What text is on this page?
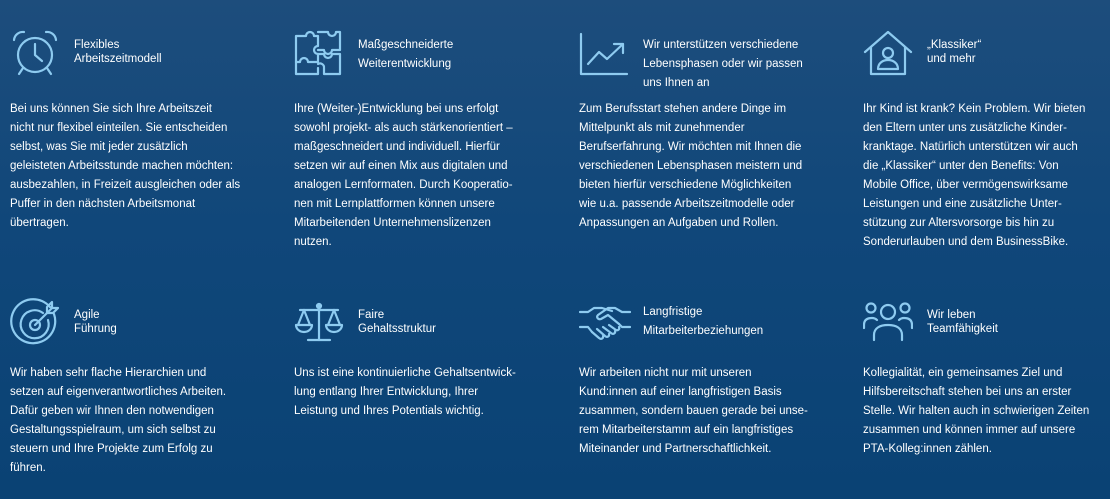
Flexibles
Arbeitszeitmodell
Bei uns können Sie sich Ihre Arbeitszeit
nicht nur flexibel einteilen. Sie entscheiden
selbst, was Sie mit jeder zusätzlich
geleisteten Arbeitsstunde machen möchten:
ausbezahlen, in Freizeit ausgleichen oder als
Puffer in den nächsten Arbeitsmonat
übertragen.
Maßgeschneiderte
Weiterentwicklung
Ihre (Weiter-)Entwicklung bei uns erfolgt
sowohl projekt- als auch stärkenorientiert –
maßgeschneidert und individuell. Hierfür
setzen wir auf einen Mix aus digitalen und
analogen Lernformaten. Durch Kooperatio-
nen mit Lernplattformen können unsere
Mitarbeitenden Unternehmenslizenzen
nutzen.
Wir unterstützen verschiedene
Lebensphasen oder wir passen
uns Ihnen an
Zum Berufsstart stehen andere Dinge im
Mittelpunkt als mit zunehmender
Berufserfahrung. Wir möchten mit Ihnen die
verschiedenen Lebensphasen meistern und
bieten hierfür verschiedene Möglichkeiten
wie u.a. passende Arbeitszeitmodelle oder
Anpassungen an Aufgaben und Rollen.
„Klassiker“
und mehr
Ihr Kind ist krank? Kein Problem. Wir bieten
den Eltern unter uns zusätzliche Kinder-
kranktage. Natürlich unterstützen wir auch
die „Klassiker“ unter den Benefits: Von
Mobile Office, über vermögenswirksame
Leistungen und eine zusätzliche Unter-
stützung zur Altersvorsorge bis hin zu
Sonderurlauben und dem BusinessBike.
Agile
Führung
Wir haben sehr flache Hierarchien und
setzen auf eigenverantwortliches Arbeiten.
Dafür geben wir Ihnen den notwendigen
Gestaltungsspielraum, um sich selbst zu
steuern und Ihre Projekte zum Erfolg zu
führen.
Faire
Gehaltsstruktur
Uns ist eine kontinuierliche Gehaltsentwick-
lung entlang Ihrer Entwicklung, Ihrer
Leistung und Ihres Potentials wichtig.
Langfristige
Mitarbeiterbeziehungen
Wir arbeiten nicht nur mit unseren
Kund:innen auf einer langfristigen Basis
zusammen, sondern bauen gerade bei unse-
rem Mitarbeiterstamm auf ein langfristiges
Miteinander und Partnerschaftlichkeit.
Wir leben
Teamfähigkeit
Kollegialität, ein gemeinsames Ziel und
Hilfsbereitschaft stehen bei uns an erster
Stelle. Wir halten auch in schwierigen Zeiten
zusammen und können immer auf unsere
PTA-Kolleg:innen zählen.
